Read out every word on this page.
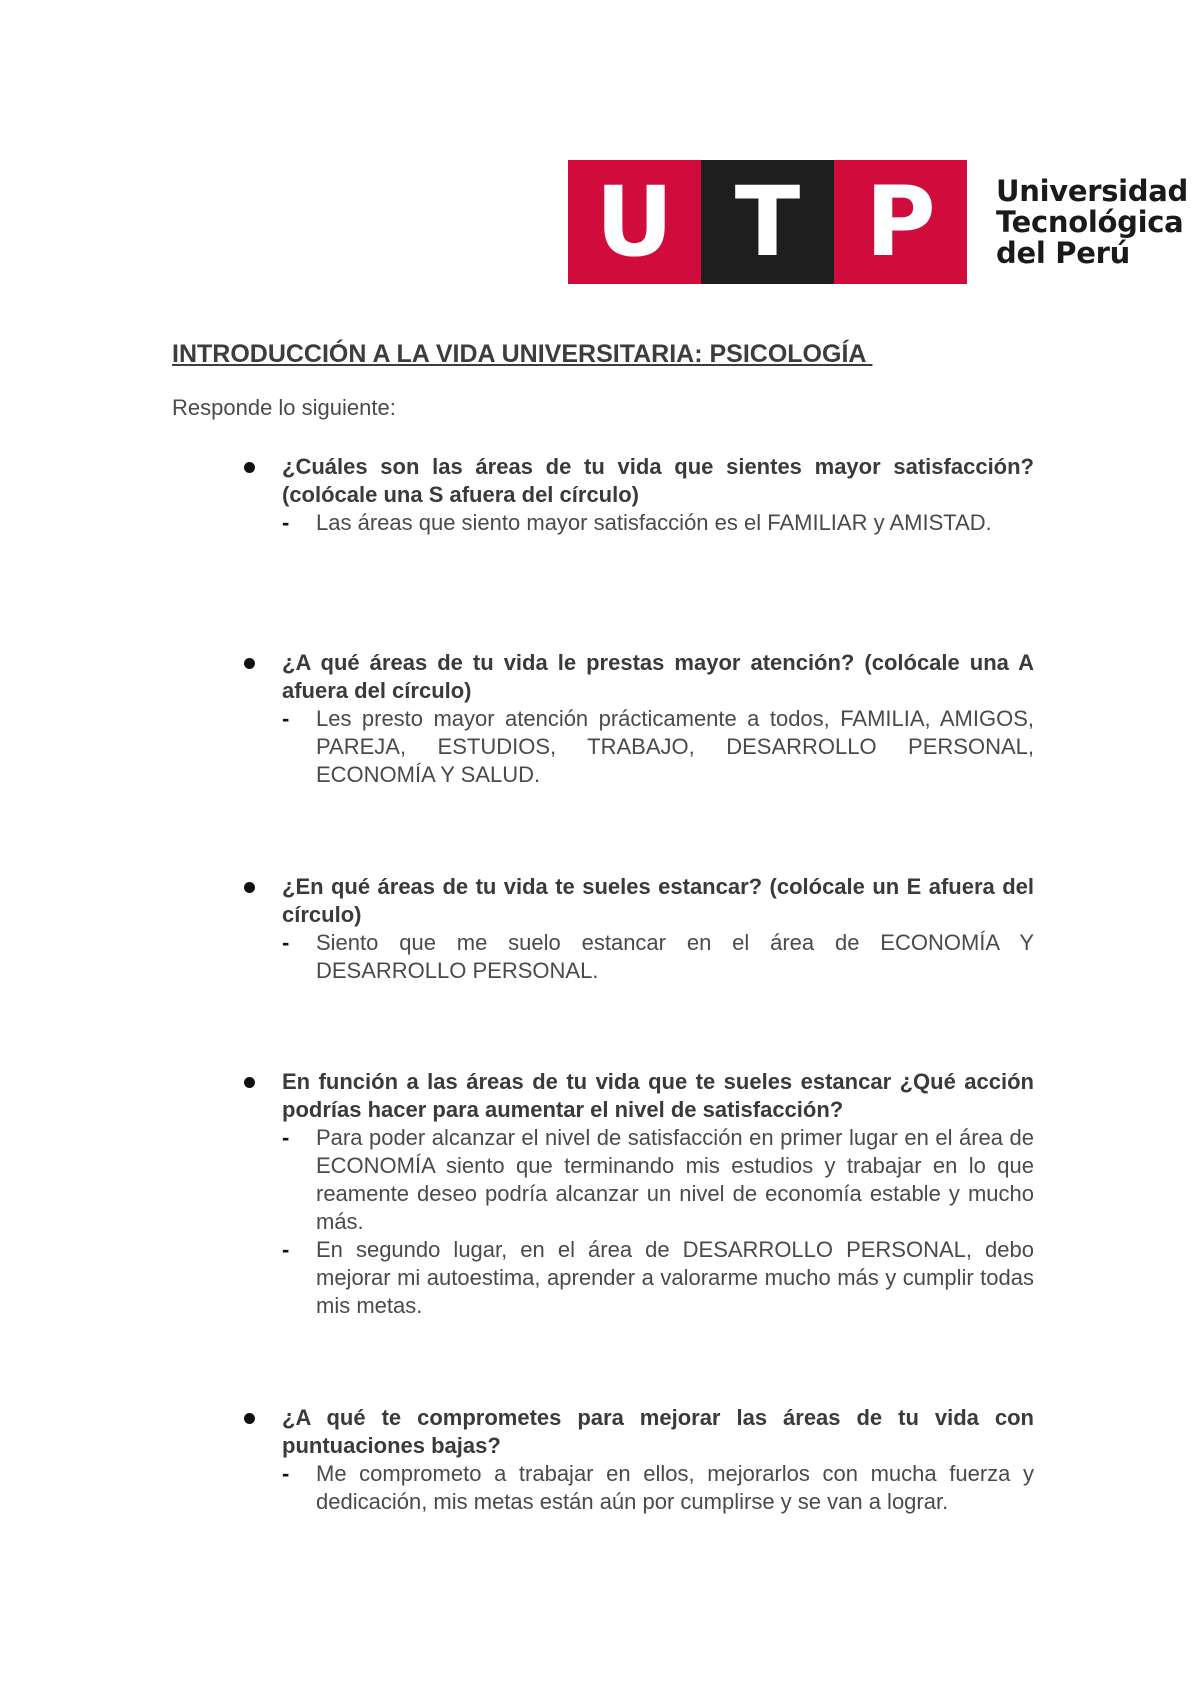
U T P	Universidad
Tecnológica
del Perú
INTRODUCCIÓN A LA VIDA UNIVERSITARIA: PSICOLOGÍA
Responde lo siguiente:
¿Cuáles son las áreas de tu vida que sientes mayor satisfacción? (colócale una S afuera del círculo)
- Las áreas que siento mayor satisfacción es el FAMILIAR y AMISTAD.
¿A qué áreas de tu vida le prestas mayor atención? (colócale una A afuera del círculo)
- Les presto mayor atención prácticamente a todos, FAMILIA, AMIGOS, PAREJA, ESTUDIOS, TRABAJO, DESARROLLO PERSONAL, ECONOMÍA Y SALUD.
¿En qué áreas de tu vida te sueles estancar? (colócale un E afuera del círculo)
- Siento que me suelo estancar en el área de ECONOMÍA Y DESARROLLO PERSONAL.
En función a las áreas de tu vida que te sueles estancar ¿Qué acción podrías hacer para aumentar el nivel de satisfacción?
- Para poder alcanzar el nivel de satisfacción en primer lugar en el área de ECONOMÍA siento que terminando mis estudios y trabajar en lo que reamente deseo podría alcanzar un nivel de economía estable y mucho más.
- En segundo lugar, en el área de DESARROLLO PERSONAL, debo mejorar mi autoestima, aprender a valorarme mucho más y cumplir todas mis metas.
¿A qué te comprometes para mejorar las áreas de tu vida con puntuaciones bajas?
- Me comprometo a trabajar en ellos, mejorarlos con mucha fuerza y dedicación, mis metas están aún por cumplirse y se van a lograr.
